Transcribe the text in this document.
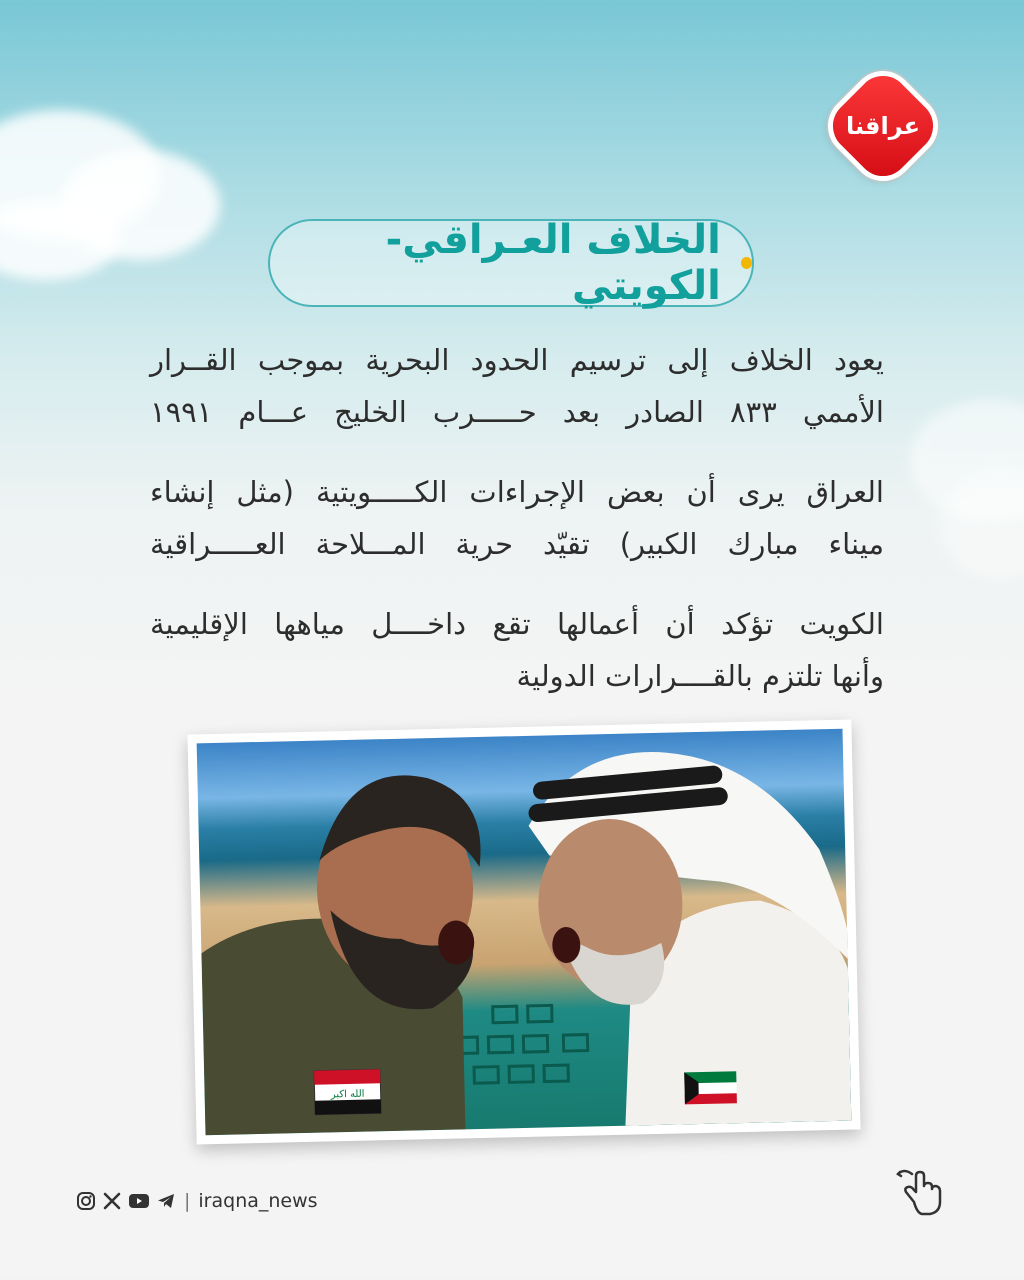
عراقنا
الخلاف العـراقي-الكويتي
يعود الخلاف إلى ترسيم الحدود البحرية بموجب القــرار
الأممي ٨٣٣ الصادر بعد حـــــرب الخليج عـــام ١٩٩١
العراق يرى أن بعض الإجراءات الكـــــويتية (مثل إنشاء
ميناء مبارك الكبير) تقيّد حرية المـــلاحة العـــــراقية
الكويت تؤكد أن أعمالها تقع داخــــل مياهها الإقليمية
وأنها تلتزم بالقــــرارات الدولية
الله اكبر
| iraqna_news
